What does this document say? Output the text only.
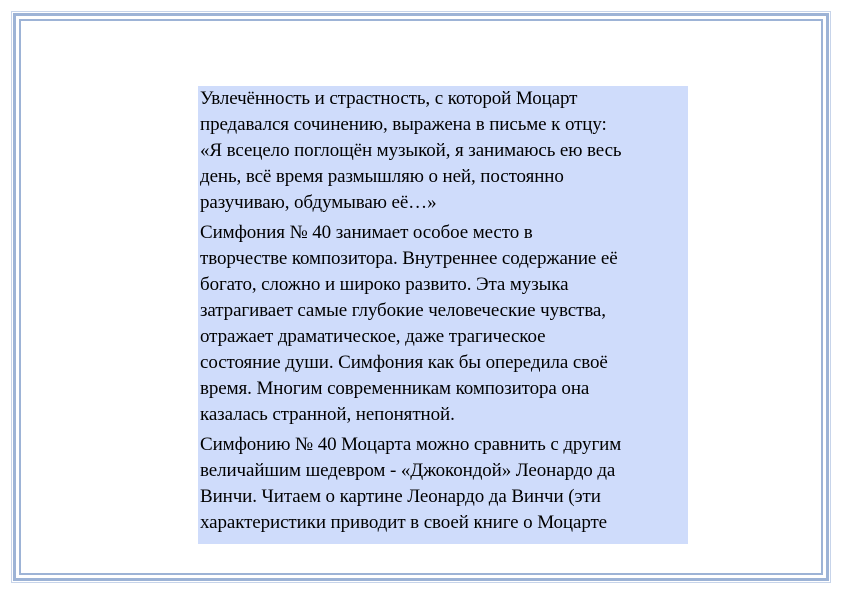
Увлечённость и страстность, с которой Моцарт
предавался сочинению, выражена в письме к отцу:
«Я всецело поглощён музыкой, я занимаюсь ею весь
день, всё время размышляю о ней, постоянно
разучиваю, обдумываю её…»

Симфония № 40 занимает особое место в
творчестве композитора. Внутреннее содержание её
богато, сложно и широко развито. Эта музыка
затрагивает самые глубокие человеческие чувства,
отражает драматическое, даже трагическое
состояние души. Симфония как бы опередила своё
время. Многим современникам композитора она
казалась странной, непонятной.

Симфонию № 40 Моцарта можно сравнить с другим
величайшим шедевром - «Джокондой» Леонардо да
Винчи. Читаем о картине Леонардо да Винчи (эти
характеристики приводит в своей книге о Моцарте
